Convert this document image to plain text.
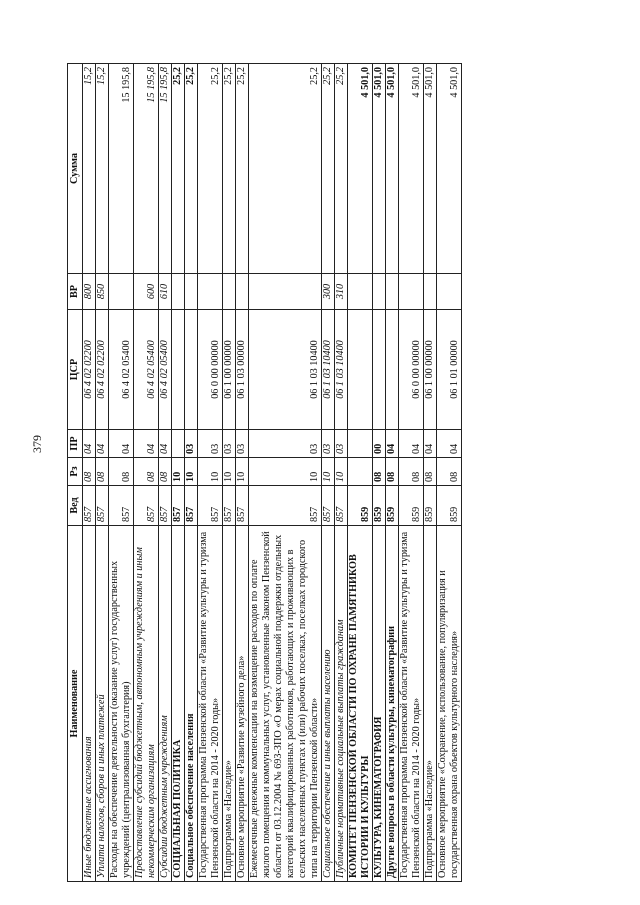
379
Наименование	Вед	Рз	ПР	ЦСР	ВР	Сумма
Иные бюджетные ассигнования	857	08	04	06 4 02 02200	800	15,2
Уплата налогов, сборов и иных платежей	857	08	04	06 4 02 02200	850	15,2
Расходы на обеспечение деятельности (оказание услуг) государственных учреждений (централизованная бухгалтерия)	857	08	04	06 4 02 05400		15 195,8
Предоставление субсидий бюджетным, автономным учреждениям и иным некоммерческим организациям	857	08	04	06 4 02 05400	600	15 195,8
Субсидии бюджетным учреждениям	857	08	04	06 4 02 05400	610	15 195,8
СОЦИАЛЬНАЯ ПОЛИТИКА	857	10				25,2
Социальное обеспечение населения	857	10	03			25,2
Государственная программа Пензенской области «Развитие культуры и туризма Пензенской области на 2014 - 2020 годы»	857	10	03	06 0 00 00000		25,2
Подпрограмма «Наследие»	857	10	03	06 1 00 00000		25,2
Основное мероприятие «Развитие музейного дела»	857	10	03	06 1 03 00000		25,2
Ежемесячные денежные компенсации на возмещение расходов по оплате жилого помещения и коммунальных услуг, установленные Законом Пензенской области от 03.12.2004 № 693-ЗПО «О мерах социальной поддержки отдельных категорий квалифицированных работников, работающих и проживающих в сельских населенных пунктах и (или) рабочих поселках, поселках городского типа на территории Пензенской области»	857	10	03	06 1 03 10400		25,2
Социальное обеспечение и иные выплаты населению	857	10	03	06 1 03 10400	300	25,2
Публичные нормативные социальные выплаты гражданам	857	10	03	06 1 03 10400	310	25,2
КОМИТЕТ ПЕНЗЕНСКОЙ ОБЛАСТИ ПО ОХРАНЕ ПАМЯТНИКОВ ИСТОРИИ И КУЛЬТУРЫ	859					4 501,0
КУЛЬТУРА, КИНЕМАТОГРАФИЯ	859	08	00			4 501,0
Другие вопросы в области культуры, кинематографии	859	08	04			4 501,0
Государственная программа Пензенской области «Развитие культуры и туризма Пензенской области на 2014 - 2020 годы»	859	08	04	06 0 00 00000		4 501,0
Подпрограмма «Наследие»	859	08	04	06 1 00 00000		4 501,0
Основное мероприятие «Сохранение, использование, популяризация и государственная охрана объектов культурного наследия»	859	08	04	06 1 01 00000		4 501,0
